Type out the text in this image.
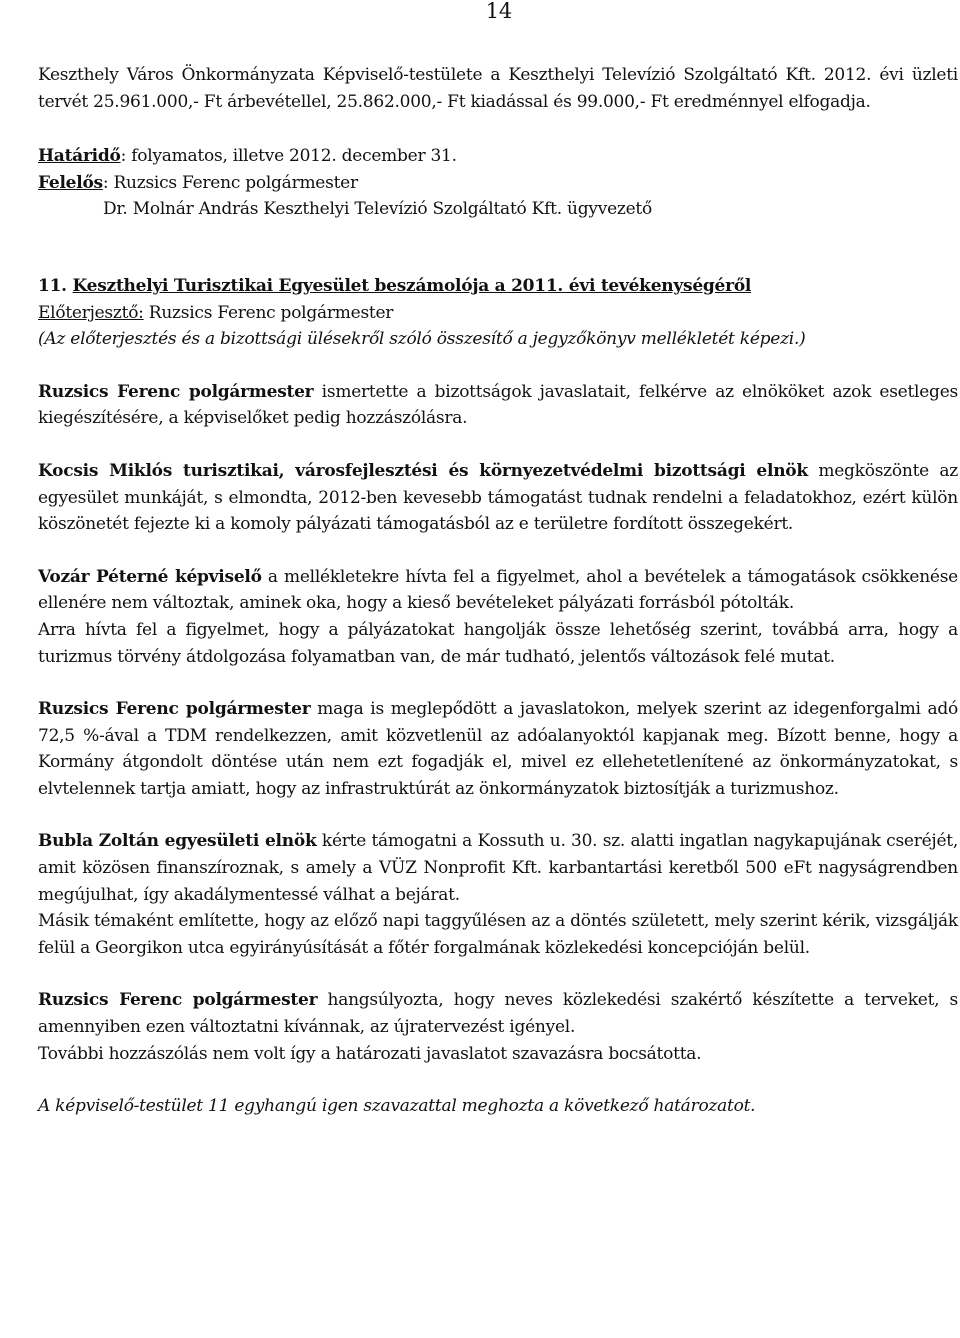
14

Keszthely Város Önkormányzata Képviselő-testülete a Keszthelyi Televízió Szolgáltató Kft. 2012. évi üzleti tervét 25.961.000,- Ft árbevétellel, 25.862.000,- Ft kiadással és 99.000,- Ft eredménnyel elfogadja.

Határidő: folyamatos, illetve 2012. december 31.

Felelős: Ruzsics Ferenc polgármester

Dr. Molnár András Keszthelyi Televízió Szolgáltató Kft. ügyvezető

11. Keszthelyi Turisztikai Egyesület beszámolója a 2011. évi tevékenységéről

Előterjesztő: Ruzsics Ferenc polgármester

(Az előterjesztés és a bizottsági ülésekről szóló összesítő a jegyzőkönyv mellékletét képezi.)

Ruzsics Ferenc polgármester ismertette a bizottságok javaslatait, felkérve az elnököket azok esetleges kiegészítésére, a képviselőket pedig hozzászólásra.

Kocsis Miklós turisztikai, városfejlesztési és környezetvédelmi bizottsági elnök megköszönte az egyesület munkáját, s elmondta, 2012-ben kevesebb támogatást tudnak rendelni a feladatokhoz, ezért külön köszönetét fejezte ki a komoly pályázati támogatásból az e területre fordított összegekért.

Vozár Péterné képviselő a mellékletekre hívta fel a figyelmet, ahol a bevételek a támogatások csökkenése ellenére nem változtak, aminek oka, hogy a kieső bevételeket pályázati forrásból pótolták.

Arra hívta fel a figyelmet, hogy a pályázatokat hangolják össze lehetőség szerint, továbbá arra, hogy a turizmus törvény átdolgozása folyamatban van, de már tudható, jelentős változások felé mutat.

Ruzsics Ferenc polgármester maga is meglepődött a javaslatokon, melyek szerint az idegenforgalmi adó 72,5 %-ával a TDM rendelkezzen, amit közvetlenül az adóalanyoktól kapjanak meg. Bízott benne, hogy a Kormány átgondolt döntése után nem ezt fogadják el, mivel ez ellehetetlenítené az önkormányzatokat, s elvtelennek tartja amiatt, hogy az infrastruktúrát az önkormányzatok biztosítják a turizmushoz.

Bubla Zoltán egyesületi elnök kérte támogatni a Kossuth u. 30. sz. alatti ingatlan nagykapujának cseréjét, amit közösen finanszíroznak, s amely a VÜZ Nonprofit Kft. karbantartási keretből 500 eFt nagyságrendben megújulhat, így akadálymentessé válhat a bejárat.

Másik témaként említette, hogy az előző napi taggyűlésen az a döntés született, mely szerint kérik, vizsgálják felül a Georgikon utca egyirányúsítását a főtér forgalmának közlekedési koncepcióján belül.

Ruzsics Ferenc polgármester hangsúlyozta, hogy neves közlekedési szakértő készítette a terveket, s amennyiben ezen változtatni kívánnak, az újratervezést igényel.

További hozzászólás nem volt így a határozati javaslatot szavazásra bocsátotta.

A képviselő-testület 11 egyhangú igen szavazattal meghozta a következő határozatot.
